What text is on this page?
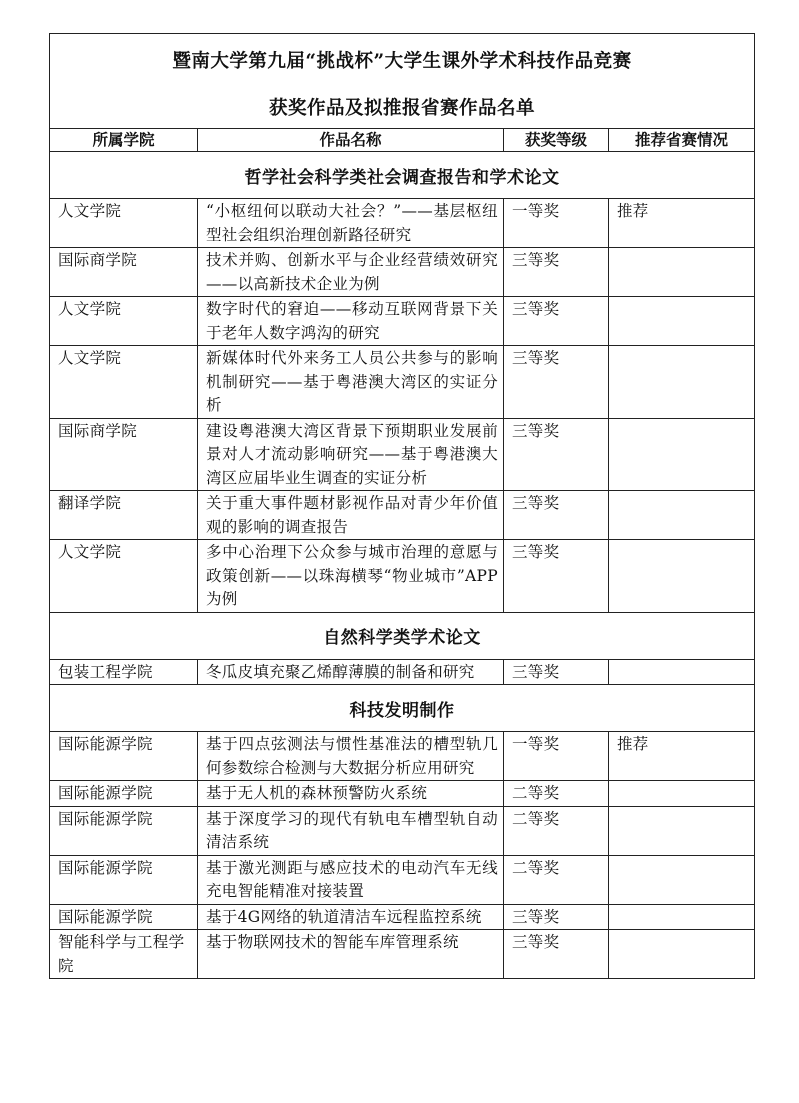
暨南大学第九届“挑战杯”大学生课外学术科技作品竞赛
获奖作品及拟推报省赛作品名单			

所属学院	作品名称	获奖等级	推荐省赛情况
哲学社会科学类社会调查报告和学术论文			
人文学院	“小枢纽何以联动大社会？”——基层枢纽型社会组织治理创新路径研究	一等奖	推荐
国际商学院	技术并购、创新水平与企业经营绩效研究——以高新技术企业为例	三等奖	
人文学院	数字时代的窘迫——移动互联网背景下关于老年人数字鸿沟的研究	三等奖	
人文学院	新媒体时代外来务工人员公共参与的影响机制研究——基于粤港澳大湾区的实证分析	三等奖	
国际商学院	建设粤港澳大湾区背景下预期职业发展前景对人才流动影响研究——基于粤港澳大湾区应届毕业生调查的实证分析	三等奖	
翻译学院	关于重大事件题材影视作品对青少年价值观的影响的调查报告	三等奖	
人文学院	多中心治理下公众参与城市治理的意愿与政策创新——以珠海横琴“物业城市”APP为例	三等奖	
自然科学类学术论文			
包装工程学院	冬瓜皮填充聚乙烯醇薄膜的制备和研究	三等奖	
科技发明制作			
国际能源学院	基于四点弦测法与惯性基准法的槽型轨几何参数综合检测与大数据分析应用研究	一等奖	推荐
国际能源学院	基于无人机的森林预警防火系统	二等奖	
国际能源学院	基于深度学习的现代有轨电车槽型轨自动清洁系统	二等奖	
国际能源学院	基于激光测距与感应技术的电动汽车无线充电智能精准对接装置	二等奖	
国际能源学院	基于4G网络的轨道清洁车远程监控系统	三等奖	
智能科学与工程学院	基于物联网技术的智能车库管理系统	三等奖	
